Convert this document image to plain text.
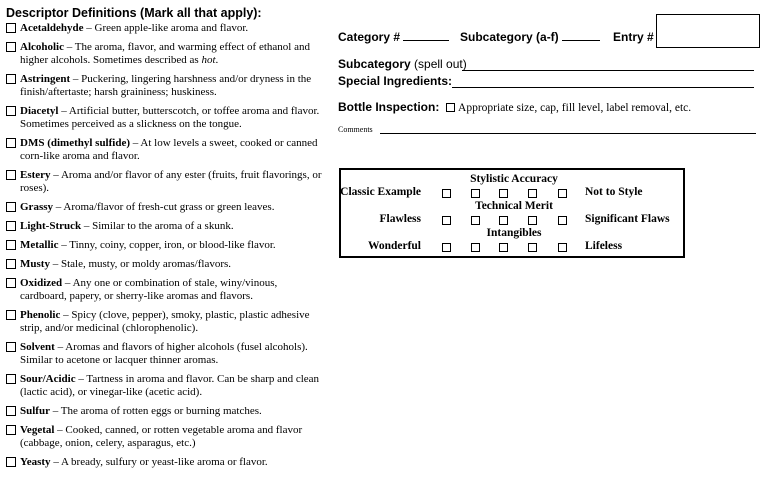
Descriptor Definitions (Mark all that apply):
Acetaldehyde – Green apple-like aroma and flavor.
Alcoholic – The aroma, flavor, and warming effect of ethanol and higher alcohols. Sometimes described as hot.
Astringent – Puckering, lingering harshness and/or dryness in the finish/aftertaste; harsh graininess; huskiness.
Diacetyl – Artificial butter, butterscotch, or toffee aroma and flavor. Sometimes perceived as a slickness on the tongue.
DMS (dimethyl sulfide) – At low levels a sweet, cooked or canned corn-like aroma and flavor.
Estery – Aroma and/or flavor of any ester (fruits, fruit flavorings, or roses).
Grassy – Aroma/flavor of fresh-cut grass or green leaves.
Light-Struck – Similar to the aroma of a skunk.
Metallic – Tinny, coiny, copper, iron, or blood-like flavor.
Musty – Stale, musty, or moldy aromas/flavors.
Oxidized – Any one or combination of stale, winy/vinous, cardboard, papery, or sherry-like aromas and flavors.
Phenolic – Spicy (clove, pepper), smoky, plastic, plastic adhesive strip, and/or medicinal (chlorophenolic).
Solvent – Aromas and flavors of higher alcohols (fusel alcohols). Similar to acetone or lacquer thinner aromas.
Sour/Acidic – Tartness in aroma and flavor. Can be sharp and clean (lactic acid), or vinegar-like (acetic acid).
Sulfur – The aroma of rotten eggs or burning matches.
Vegetal – Cooked, canned, or rotten vegetable aroma and flavor (cabbage, onion, celery, asparagus, etc.)
Yeasty – A bready, sulfury or yeast-like aroma or flavor.
Category #	Subcategory (a-f)	Entry #
Subcategory (spell out)
Special Ingredients:
Bottle Inspection: Appropriate size, cap, fill level, label removal, etc.
Comments
Stylistic Accuracy
Classic Example	Not to Style
Technical Merit
Flawless	Significant Flaws
Intangibles
Wonderful	Lifeless
